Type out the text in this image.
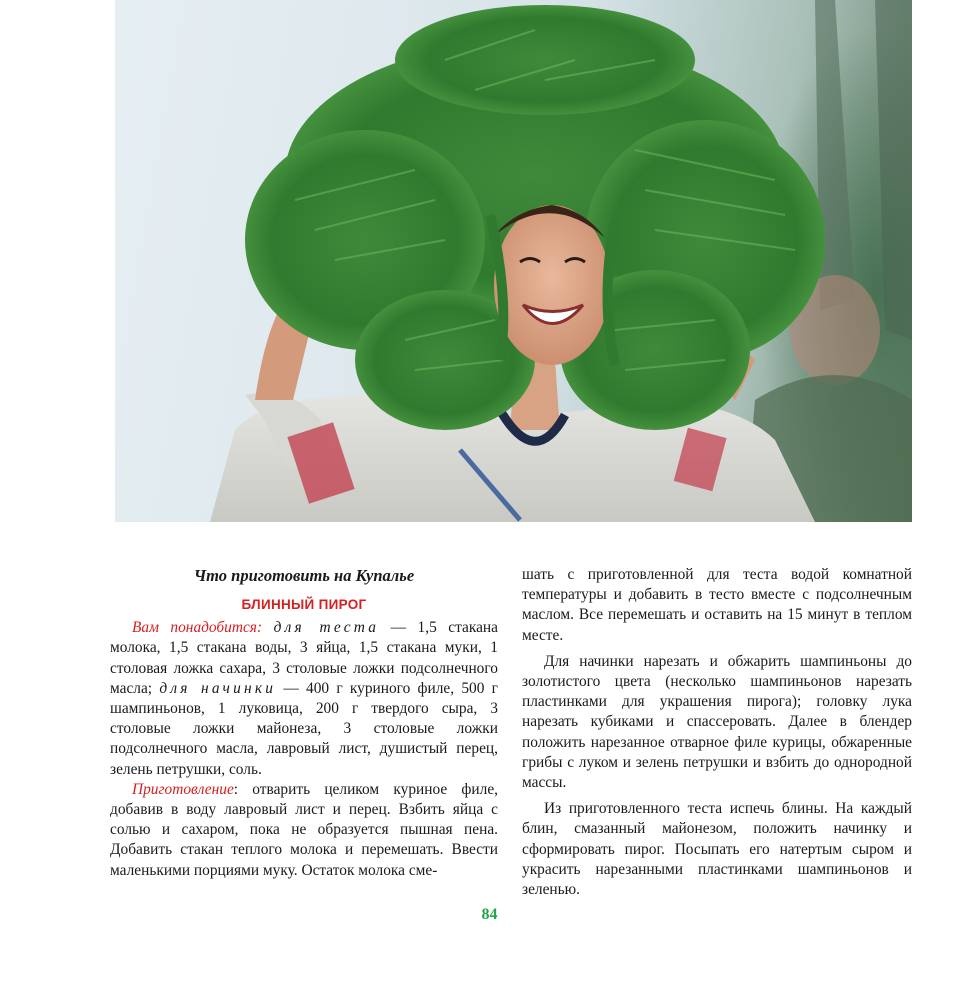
Что приготовить на Купалье

БЛИННЫЙ ПИРОГ

Вам понадобится: для теста — 1,5 стакана молока, 1,5 стакана воды, 3 яйца, 1,5 стакана муки, 1 столовая ложка сахара, 3 столовые ложки подсолнечного масла; для начинки — 400 г куриного филе, 500 г шампиньонов, 1 луковица, 200 г твердого сыра, 3 столовые ложки майонеза, 3 столовые ложки подсолнечного масла, лавровый лист, душистый перец, зелень петрушки, соль.

Приготовление: отварить целиком куриное филе, добавив в воду лавровый лист и перец. Взбить яйца с солью и сахаром, пока не образуется пышная пена. Добавить стакан теплого молока и перемешать. Ввести маленькими порциями муку. Остаток молока сме-

шать с приготовленной для теста водой комнатной температуры и добавить в тесто вместе с подсолнечным маслом. Все перемешать и оставить на 15 минут в теплом месте.

Для начинки нарезать и обжарить шампиньоны до золотистого цвета (несколько шампиньонов нарезать пластинками для украшения пирога); головку лука нарезать кубиками и спассеровать. Далее в блендер положить нарезанное отварное филе курицы, обжаренные грибы с луком и зелень петрушки и взбить до однородной массы.

Из приготовленного теста испечь блины. На каждый блин, смазанный майонезом, положить начинку и сформировать пирог. Посыпать его натертым сыром и украсить нарезанными пластинками шампиньонов и зеленью.

84
